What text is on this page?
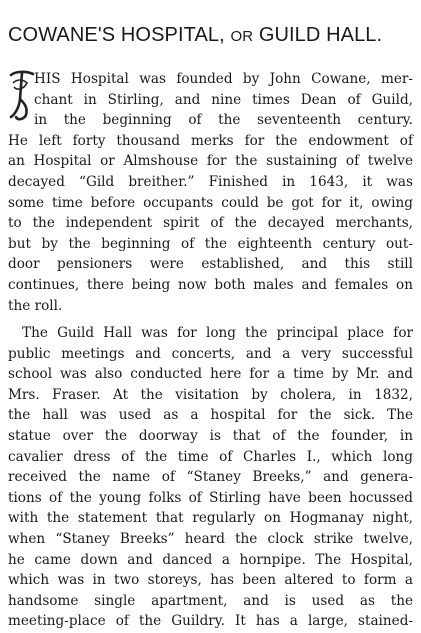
COWANE'S HOSPITAL, OR GUILD HALL.
HIS Hospital was founded by John Cowane, mer-
chant in Stirling, and nine times Dean of Guild,
in the beginning of the seventeenth century.
He left forty thousand merks for the endowment of
an Hospital or Almshouse for the sustaining of twelve
decayed “Gild breither.” Finished in 1643, it was
some time before occupants could be got for it, owing
to the independent spirit of the decayed merchants,
but by the beginning of the eighteenth century out-
door pensioners were established, and this still
continues, there being now both males and females on
the roll.
The Guild Hall was for long the principal place for
public meetings and concerts, and a very successful
school was also conducted here for a time by Mr. and
Mrs. Fraser. At the visitation by cholera, in 1832,
the hall was used as a hospital for the sick. The
statue over the doorway is that of the founder, in
cavalier dress of the time of Charles I., which long
received the name of “Staney Breeks,” and genera-
tions of the young folks of Stirling have been hocussed
with the statement that regularly on Hogmanay night,
when “Staney Breeks” heard the clock strike twelve,
he came down and danced a hornpipe. The Hospital,
which was in two storeys, has been altered to form a
handsome single apartment, and is used as the
meeting-place of the Guildry. It has a large, stained-
